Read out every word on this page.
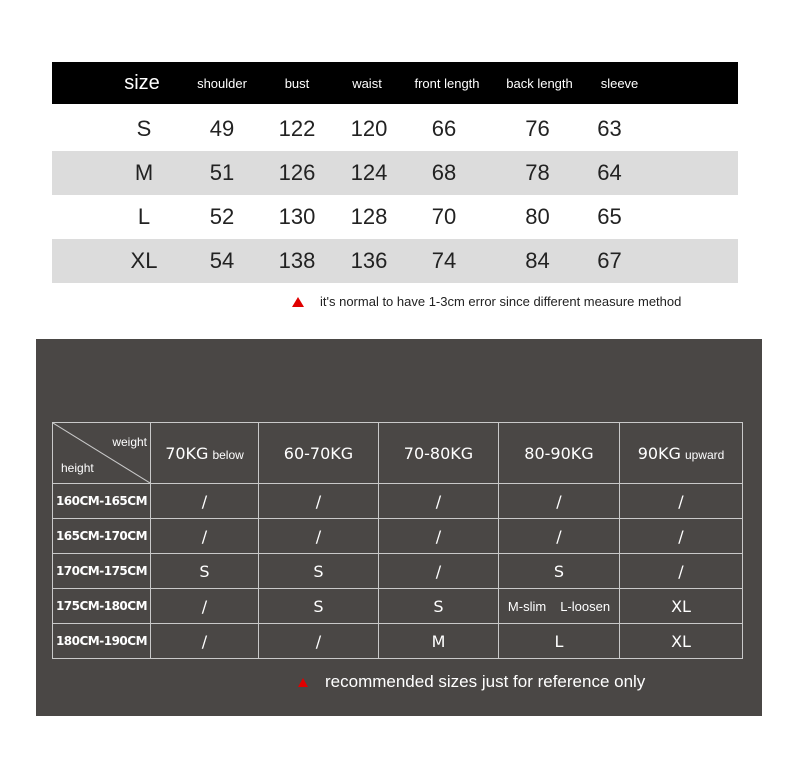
size	shoulder	bust	waist	front length	back length	sleeve
S	49	122	120	66	76	63
M	51	126	124	68	78	64
L	52	130	128	70	80	65
XL	54	138	136	74	84	67
it's normal to have 1-3cm error since different measure method
weight
height	70KG below	60-70KG	70-80KG	80-90KG	90KG upward
160CM-165CM	/	/	/	/	/
165CM-170CM	/	/	/	/	/
170CM-175CM	S	S	/	S	/
175CM-180CM	/	S	S	M-slim L-loosen	XL
180CM-190CM	/	/	M	L	XL
recommended sizes just for reference only
